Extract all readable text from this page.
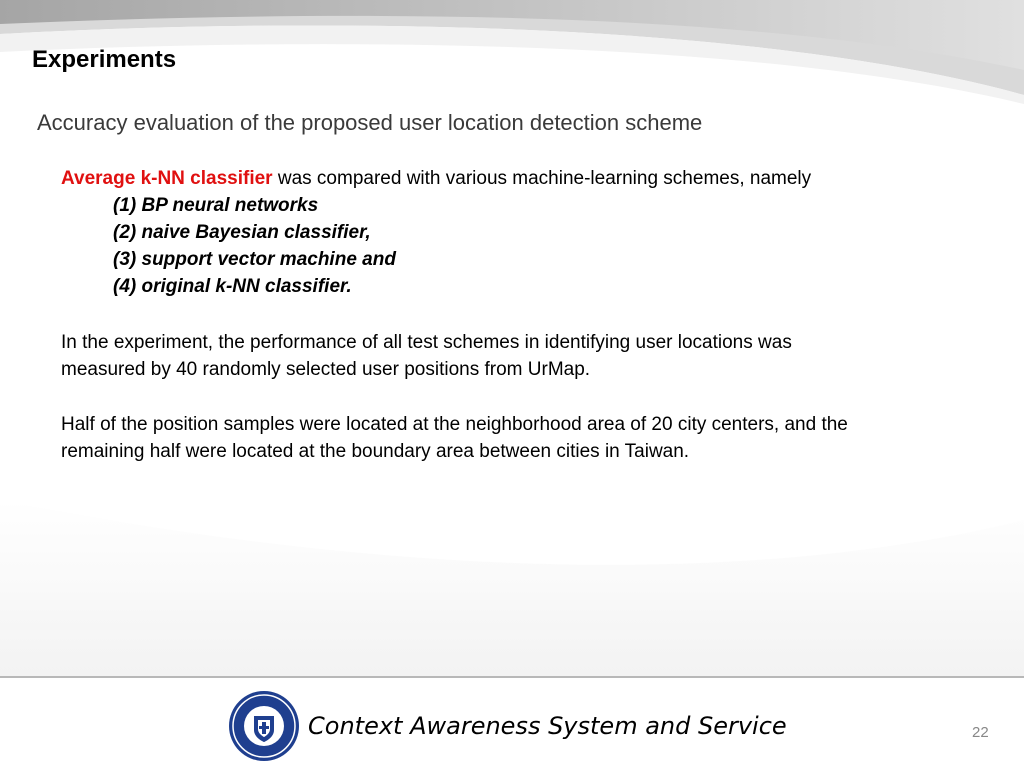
Experiments
Accuracy evaluation of the proposed user location detection scheme
Average k-NN classifier was compared with various machine-learning schemes, namely
(1) BP neural networks
(2) naive Bayesian classifier,
(3) support vector machine and
(4) original k-NN classifier.
In the experiment, the performance of all test schemes in identifying user locations was
measured by 40 randomly selected user positions from UrMap.
Half of the position samples were located at the neighborhood area of 20 city centers, and the
remaining half were located at the boundary area between cities in Taiwan.
Context Awareness System and Service	22
